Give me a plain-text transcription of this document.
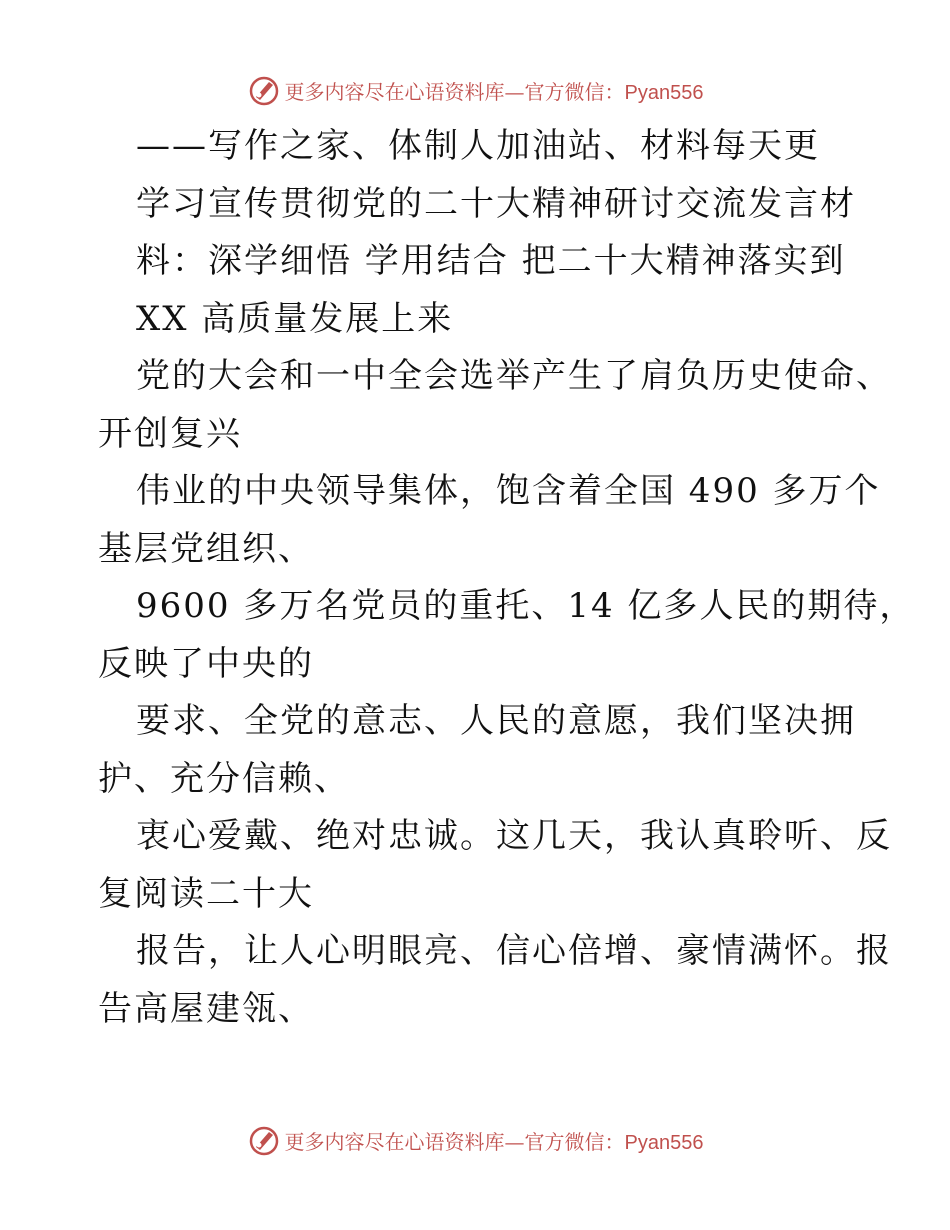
更多内容尽在心语资料库—官方微信：Pyan556
——写作之家、体制人加油站、材料每天更
学习宣传贯彻党的二十大精神研讨交流发言材
料：深学细悟 学用结合 把二十大精神落实到
XX 高质量发展上来
党的大会和一中全会选举产生了肩负历史使命、
开创复兴
伟业的中央领导集体，饱含着全国 490 多万个
基层党组织、
9600 多万名党员的重托、14 亿多人民的期待，
反映了中央的
要求、全党的意志、人民的意愿，我们坚决拥
护、充分信赖、
衷心爱戴、绝对忠诚。这几天，我认真聆听、反
复阅读二十大
报告，让人心明眼亮、信心倍增、豪情满怀。报
告高屋建瓴、
更多内容尽在心语资料库—官方微信：Pyan556
